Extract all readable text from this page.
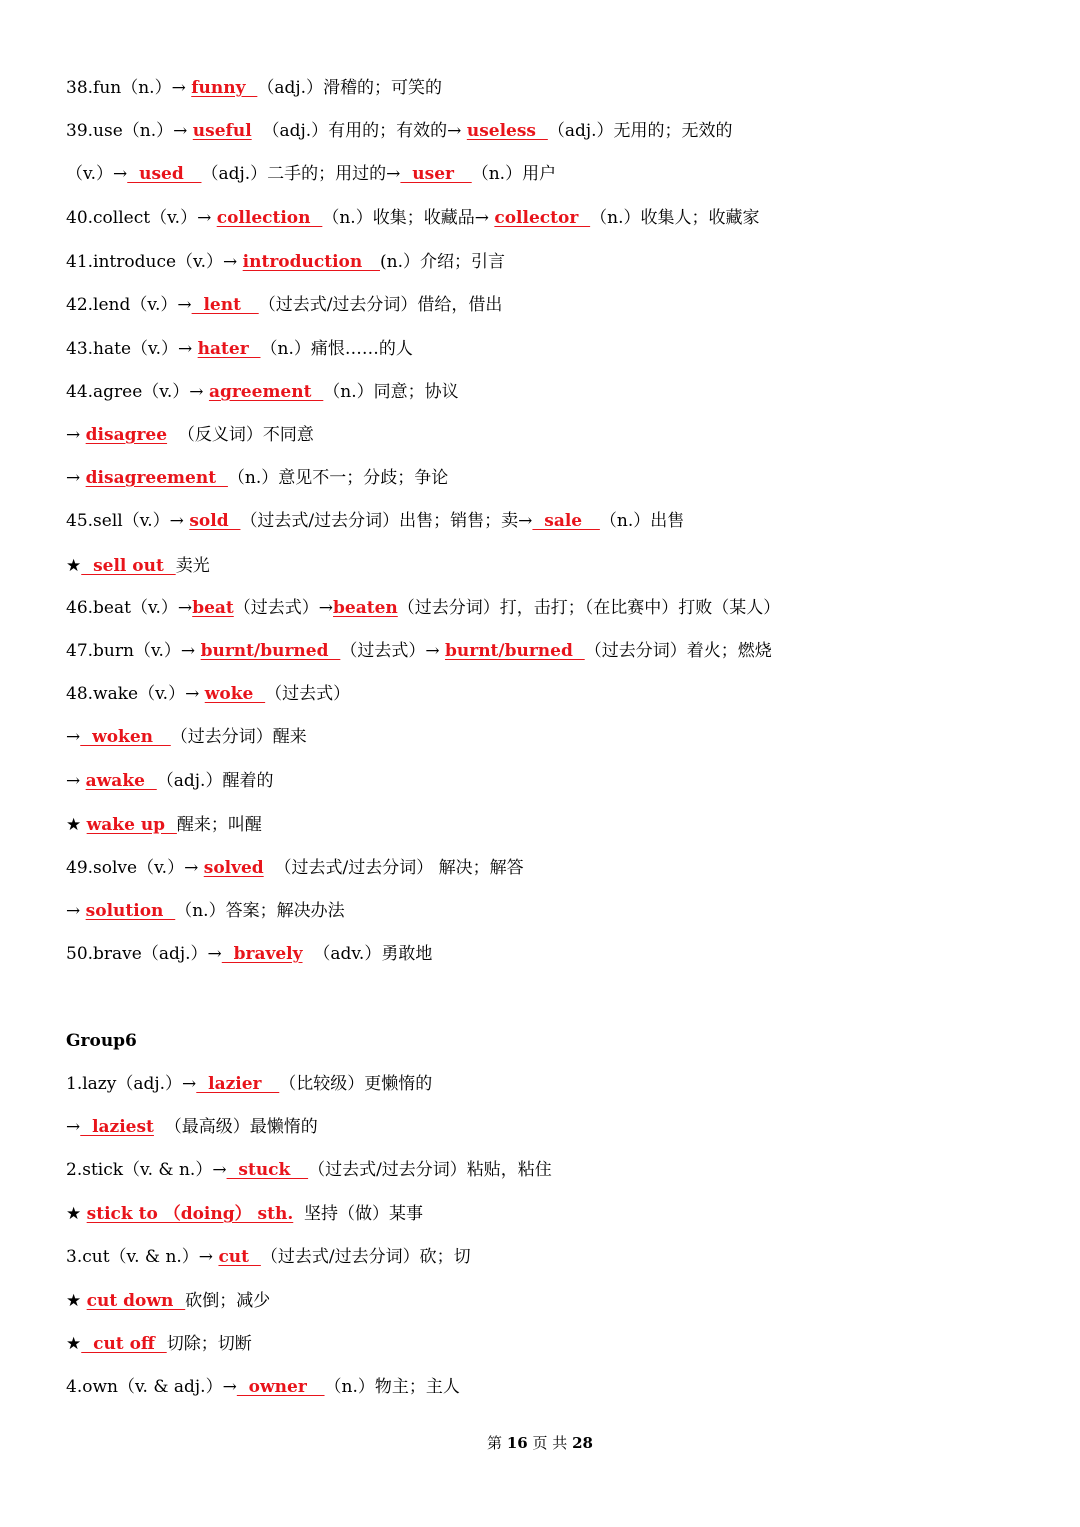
38.fun（n.）→ funny  （adj.）滑稽的；可笑的
39.use（n.）→ useful  （adj.）有用的；有效的→ useless  （adj.）无用的；无效的
（v.）→  used   （adj.）二手的；用过的→  user   （n.）用户
40.collect（v.）→ collection  （n.）收集；收藏品→ collector  （n.）收集人；收藏家
41.introduce（v.）→ introduction   (n.）介绍；引言
42.lend（v.）→  lent   （过去式/过去分词）借给，借出
43.hate（v.）→ hater  （n.）痛恨……的人
44.agree（v.）→ agreement  （n.）同意；协议
→ disagree  （反义词）不同意
→ disagreement  （n.）意见不一；分歧；争论
45.sell（v.）→ sold  （过去式/过去分词）出售；销售；卖→  sale   （n.）出售
★  sell out  卖光
46.beat（v.）→beat（过去式）→beaten（过去分词）打，击打；（在比赛中）打败（某人）
47.burn（v.）→ burnt/burned  （过去式）→ burnt/burned  （过去分词）着火；燃烧
48.wake（v.）→ woke  （过去式）
→  woken   （过去分词）醒来
→ awake  （adj.）醒着的
★ wake up  醒来；叫醒
49.solve（v.）→ solved  （过去式/过去分词） 解决；解答
→ solution  （n.）答案；解决办法
50.brave（adj.）→  bravely  （adv.）勇敢地
Group6
1.lazy（adj.）→  lazier   （比较级）更懒惰的
→  laziest  （最高级）最懒惰的
2.stick（v. & n.）→  stuck   （过去式/过去分词）粘贴，粘住
★ stick to （doing） sth.  坚持（做）某事
3.cut（v. & n.）→ cut  （过去式/过去分词）砍；切
★ cut down  砍倒；减少
★  cut off  切除；切断
4.own（v. & adj.）→  owner   （n.）物主；主人
第 16 页 共 28
